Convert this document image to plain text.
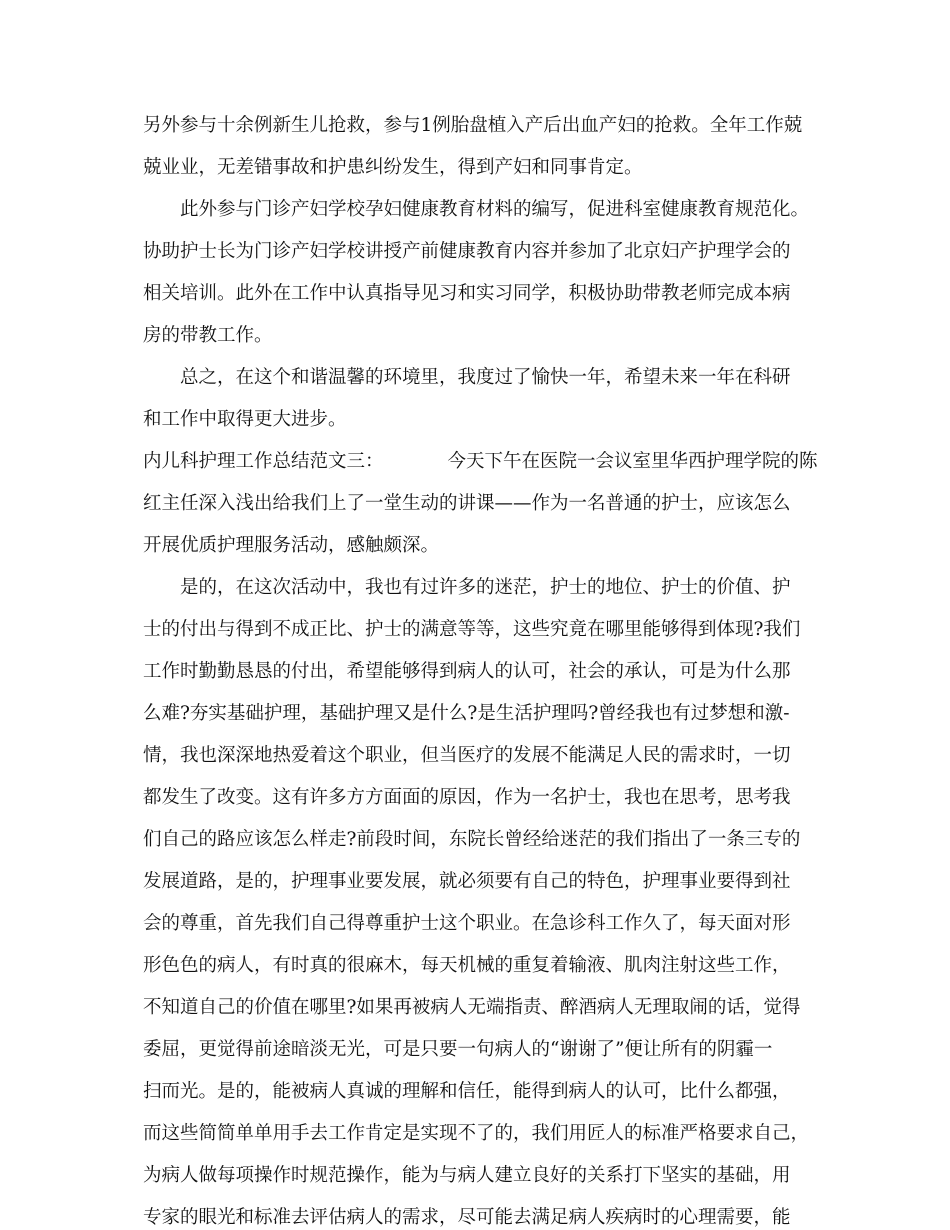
另外参与十余例新生儿抢救，参与1例胎盘植入产后出血产妇的抢救。全年工作兢
兢业业，无差错事故和护患纠纷发生，得到产妇和同事肯定。
此外参与门诊产妇学校孕妇健康教育材料的编写，促进科室健康教育规范化。
协助护士长为门诊产妇学校讲授产前健康教育内容并参加了北京妇产护理学会的
相关培训。此外在工作中认真指导见习和实习同学，积极协助带教老师完成本病
房的带教工作。
总之，在这个和谐温馨的环境里，我度过了愉快一年，希望未来一年在科研
和工作中取得更大进步。
内儿科护理工作总结范文三：	今天下午在医院一会议室里华西护理学院的陈
红主任深入浅出给我们上了一堂生动的讲课——作为一名普通的护士，应该怎么
开展优质护理服务活动，感触颇深。
是的，在这次活动中，我也有过许多的迷茫，护士的地位、护士的价值、护
士的付出与得到不成正比、护士的满意等等，这些究竟在哪里能够得到体现?我们
工作时勤勤恳恳的付出，希望能够得到病人的认可，社会的承认，可是为什么那
么难?夯实基础护理，基础护理又是什么?是生活护理吗?曾经我也有过梦想和激-
情，我也深深地热爱着这个职业，但当医疗的发展不能满足人民的需求时，一切
都发生了改变。这有许多方方面面的原因，作为一名护士，我也在思考，思考我
们自己的路应该怎么样走?前段时间，东院长曾经给迷茫的我们指出了一条三专的
发展道路，是的，护理事业要发展，就必须要有自己的特色，护理事业要得到社
会的尊重，首先我们自己得尊重护士这个职业。在急诊科工作久了，每天面对形
形色色的病人，有时真的很麻木，每天机械的重复着输液、肌肉注射这些工作，
不知道自己的价值在哪里?如果再被病人无端指责、醉酒病人无理取闹的话，觉得
委屈，更觉得前途暗淡无光，可是只要一句病人的“谢谢了”便让所有的阴霾一
扫而光。是的，能被病人真诚的理解和信任，能得到病人的认可，比什么都强，
而这些简简单单用手去工作肯定是实现不了的，我们用匠人的标准严格要求自己，
为病人做每项操作时规范操作，能为与病人建立良好的关系打下坚实的基础，用
专家的眼光和标准去评估病人的需求，尽可能去满足病人疾病时的心理需要，能
